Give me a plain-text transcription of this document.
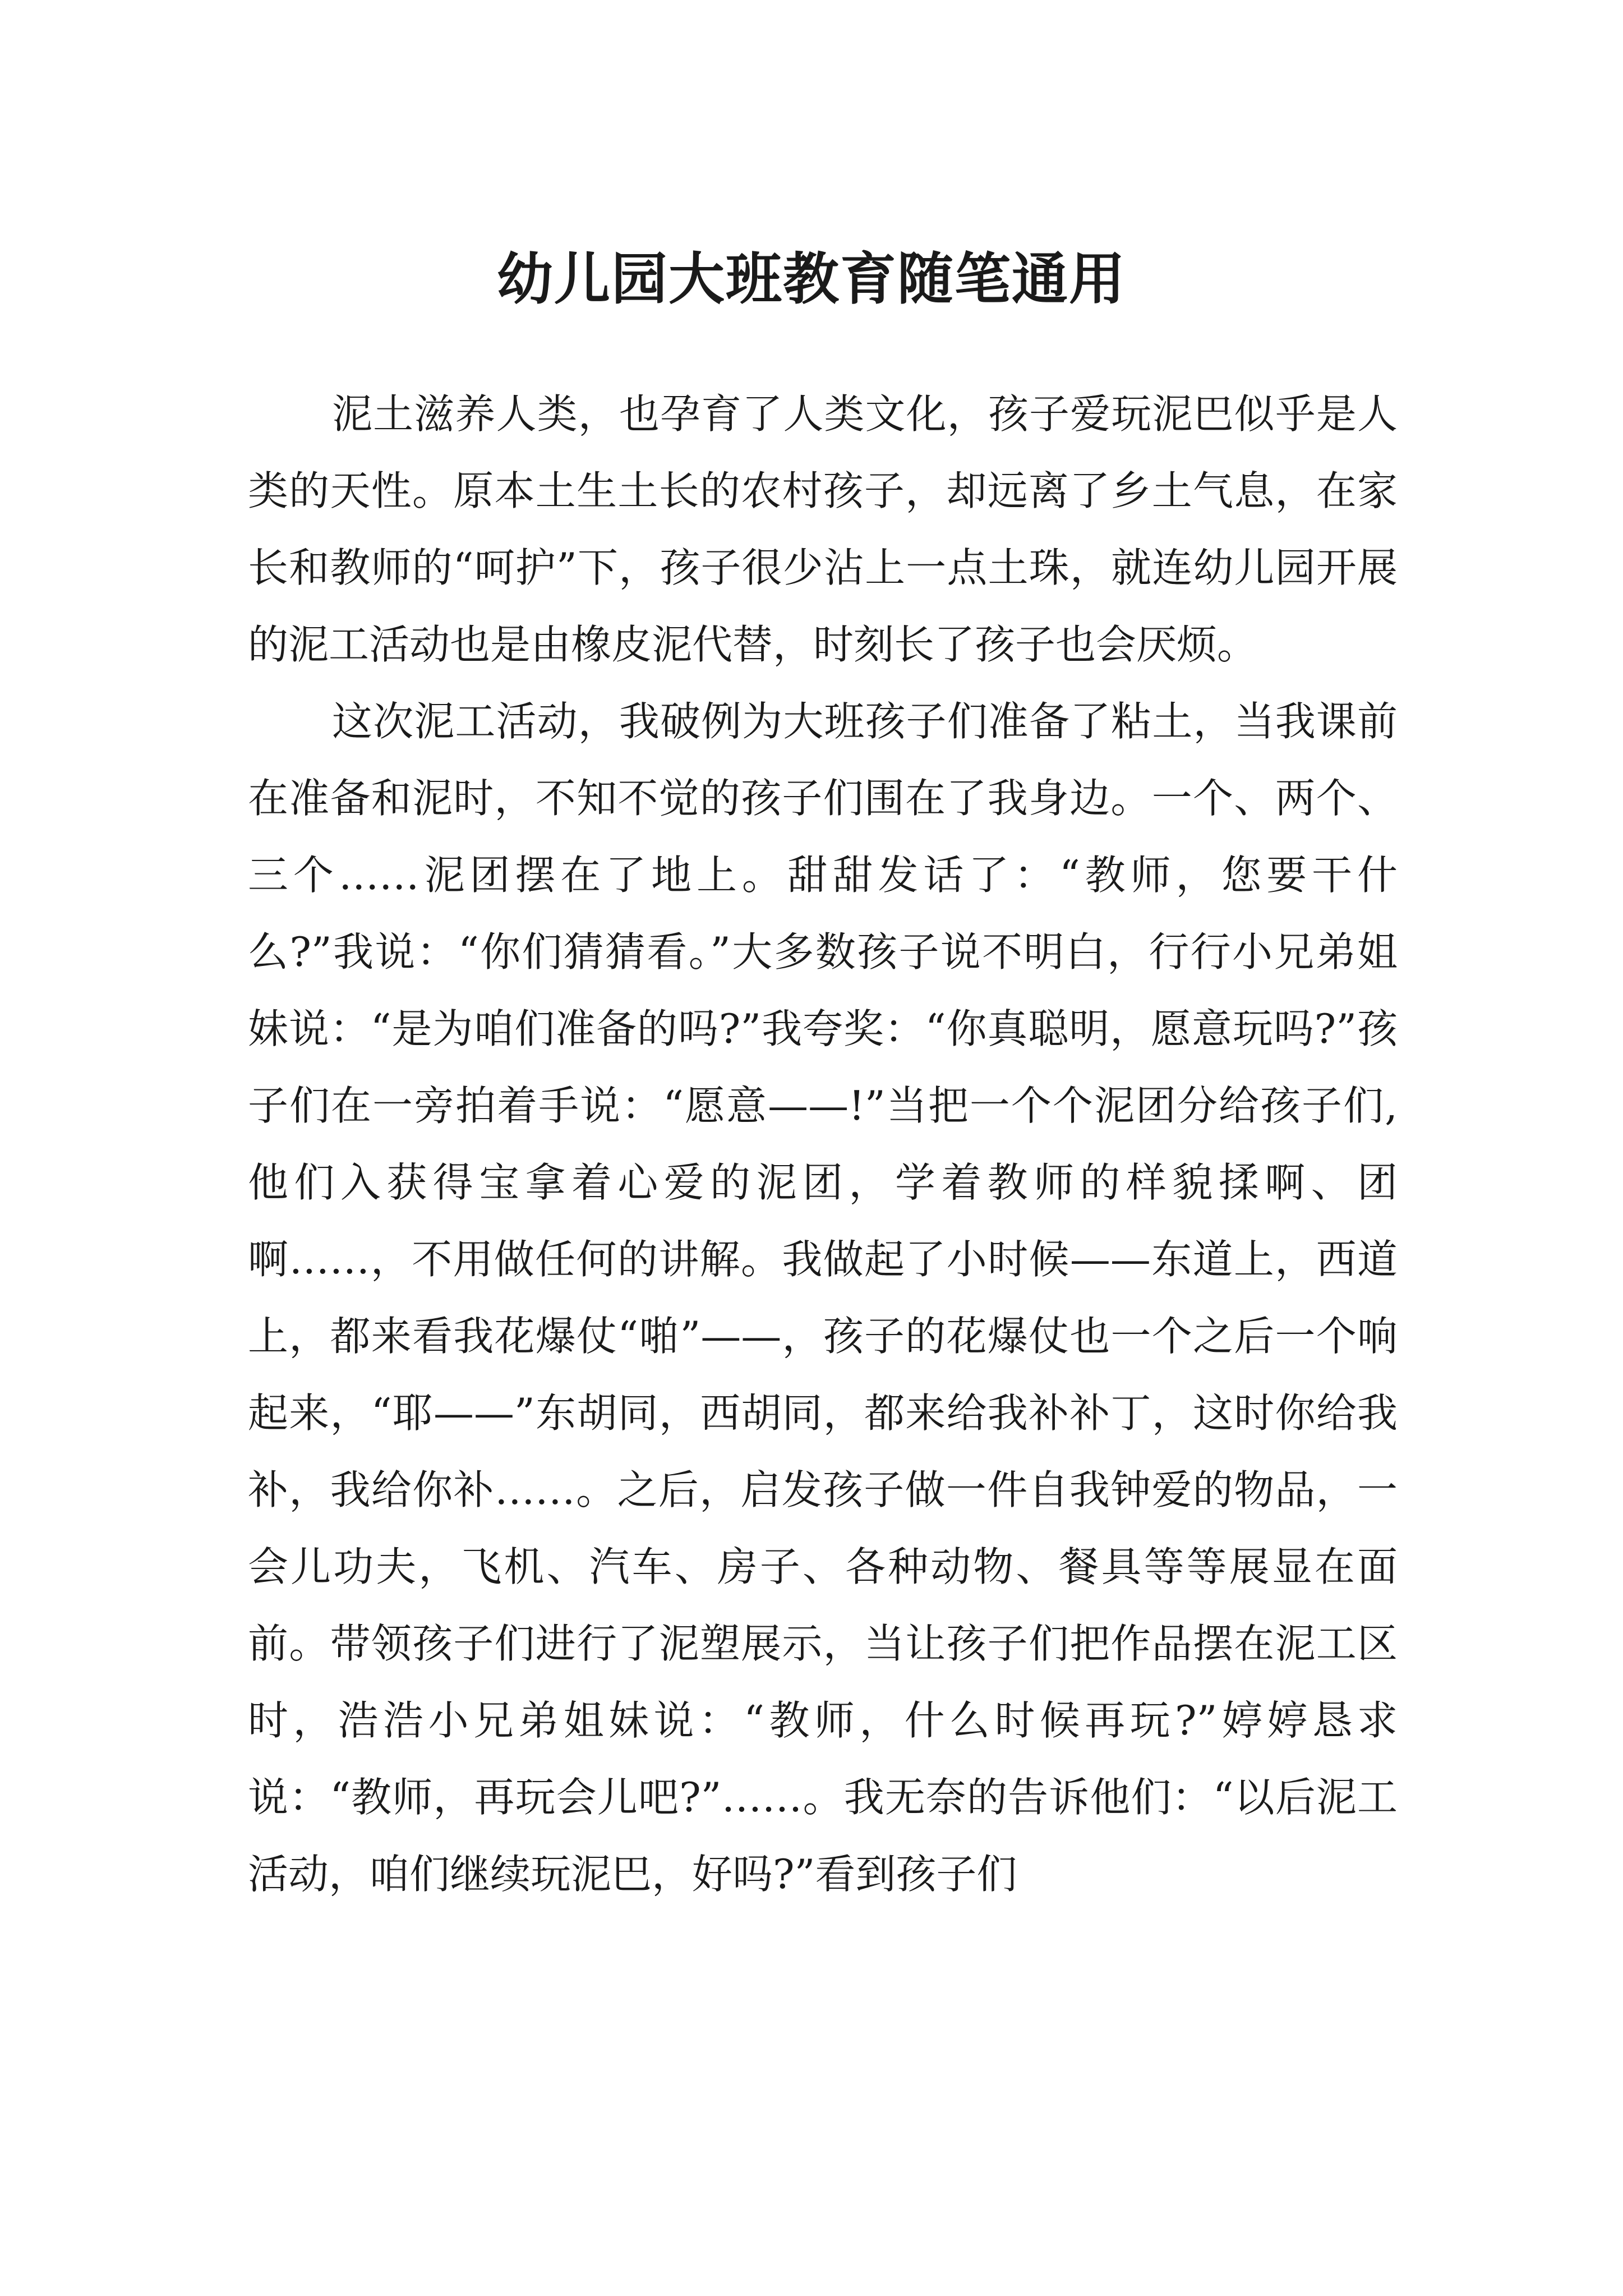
幼儿园大班教育随笔通用

泥土滋养人类，也孕育了人类文化，孩子爱玩泥巴似乎是人类的天性。原本土生土长的农村孩子，却远离了乡土气息，在家长和教师的“呵护”下，孩子很少沾上一点土珠，就连幼儿园开展的泥工活动也是由橡皮泥代替，时刻长了孩子也会厌烦。

这次泥工活动，我破例为大班孩子们准备了粘土，当我课前在准备和泥时，不知不觉的孩子们围在了我身边。一个、两个、三个……泥团摆在了地上。甜甜发话了：“教师，您要干什么?”我说：“你们猜猜看。”大多数孩子说不明白，行行小兄弟姐妹说：“是为咱们准备的吗?”我夸奖：“你真聪明，愿意玩吗?”孩子们在一旁拍着手说：“愿意——!”当把一个个泥团分给孩子们,他们入获得宝拿着心爱的泥团，学着教师的样貌揉啊、团啊……，不用做任何的讲解。我做起了小时候——东道上，西道上，都来看我花爆仗“啪”——，孩子的花爆仗也一个之后一个响起来，“耶——”东胡同，西胡同，都来给我补补丁，这时你给我补，我给你补……。之后，启发孩子做一件自我钟爱的物品，一会儿功夫，飞机、汽车、房子、各种动物、餐具等等展显在面前。带领孩子们进行了泥塑展示，当让孩子们把作品摆在泥工区时，浩浩小兄弟姐妹说：“教师，什么时候再玩?”婷婷恳求说：“教师，再玩会儿吧?”……。我无奈的告诉他们：“以后泥工活动，咱们继续玩泥巴，好吗?”看到孩子们
